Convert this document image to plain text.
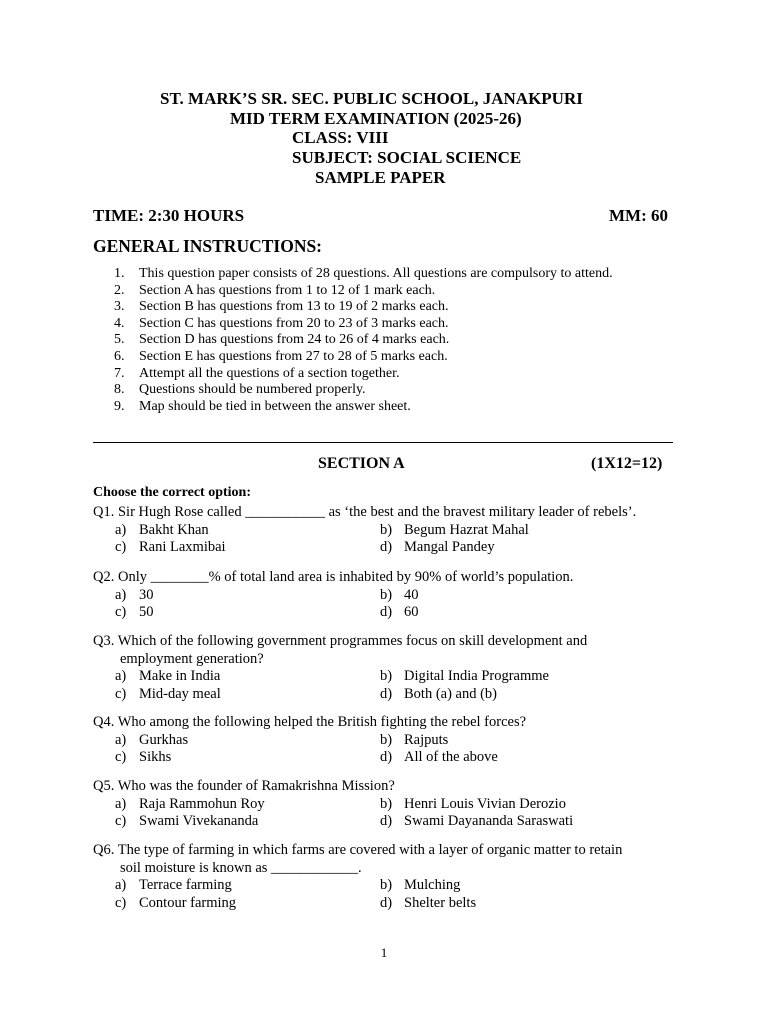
ST. MARK’S SR. SEC. PUBLIC SCHOOL, JANAKPURI
MID TERM EXAMINATION (2025-26)
CLASS: VIII
SUBJECT: SOCIAL SCIENCE
SAMPLE PAPER
TIME: 2:30 HOURS	MM: 60
GENERAL INSTRUCTIONS:
1.	This question paper consists of 28 questions. All questions are compulsory to attend.
2.	Section A has questions from 1 to 12 of 1 mark each.
3.	Section B has questions from 13 to 19 of 2 marks each.
4.	Section C has questions from 20 to 23 of 3 marks each.
5.	Section D has questions from 24 to 26 of 4 marks each.
6.	Section E has questions from 27 to 28 of 5 marks each.
7.	Attempt all the questions of a section together.
8.	Questions should be numbered properly.
9.	Map should be tied in between the answer sheet.
SECTION A	(1X12=12)
Choose the correct option:
Q1. Sir Hugh Rose called ___________ as ‘the best and the bravest military leader of rebels’.
a) Bakht Khan	b) Begum Hazrat Mahal
c) Rani Laxmibai	d) Mangal Pandey
Q2. Only ________% of total land area is inhabited by 90% of world’s population.
a) 30	b) 40
c) 50	d) 60
Q3. Which of the following government programmes focus on skill development and
employment generation?
a) Make in India	b) Digital India Programme
c) Mid-day meal	d) Both (a) and (b)
Q4. Who among the following helped the British fighting the rebel forces?
a) Gurkhas	b) Rajputs
c) Sikhs	d) All of the above
Q5. Who was the founder of Ramakrishna Mission?
a) Raja Rammohun Roy	b) Henri Louis Vivian Derozio
c) Swami Vivekananda	d) Swami Dayananda Saraswati
Q6. The type of farming in which farms are covered with a layer of organic matter to retain
soil moisture is known as ____________.
a) Terrace farming	b) Mulching
c) Contour farming	d) Shelter belts
1
